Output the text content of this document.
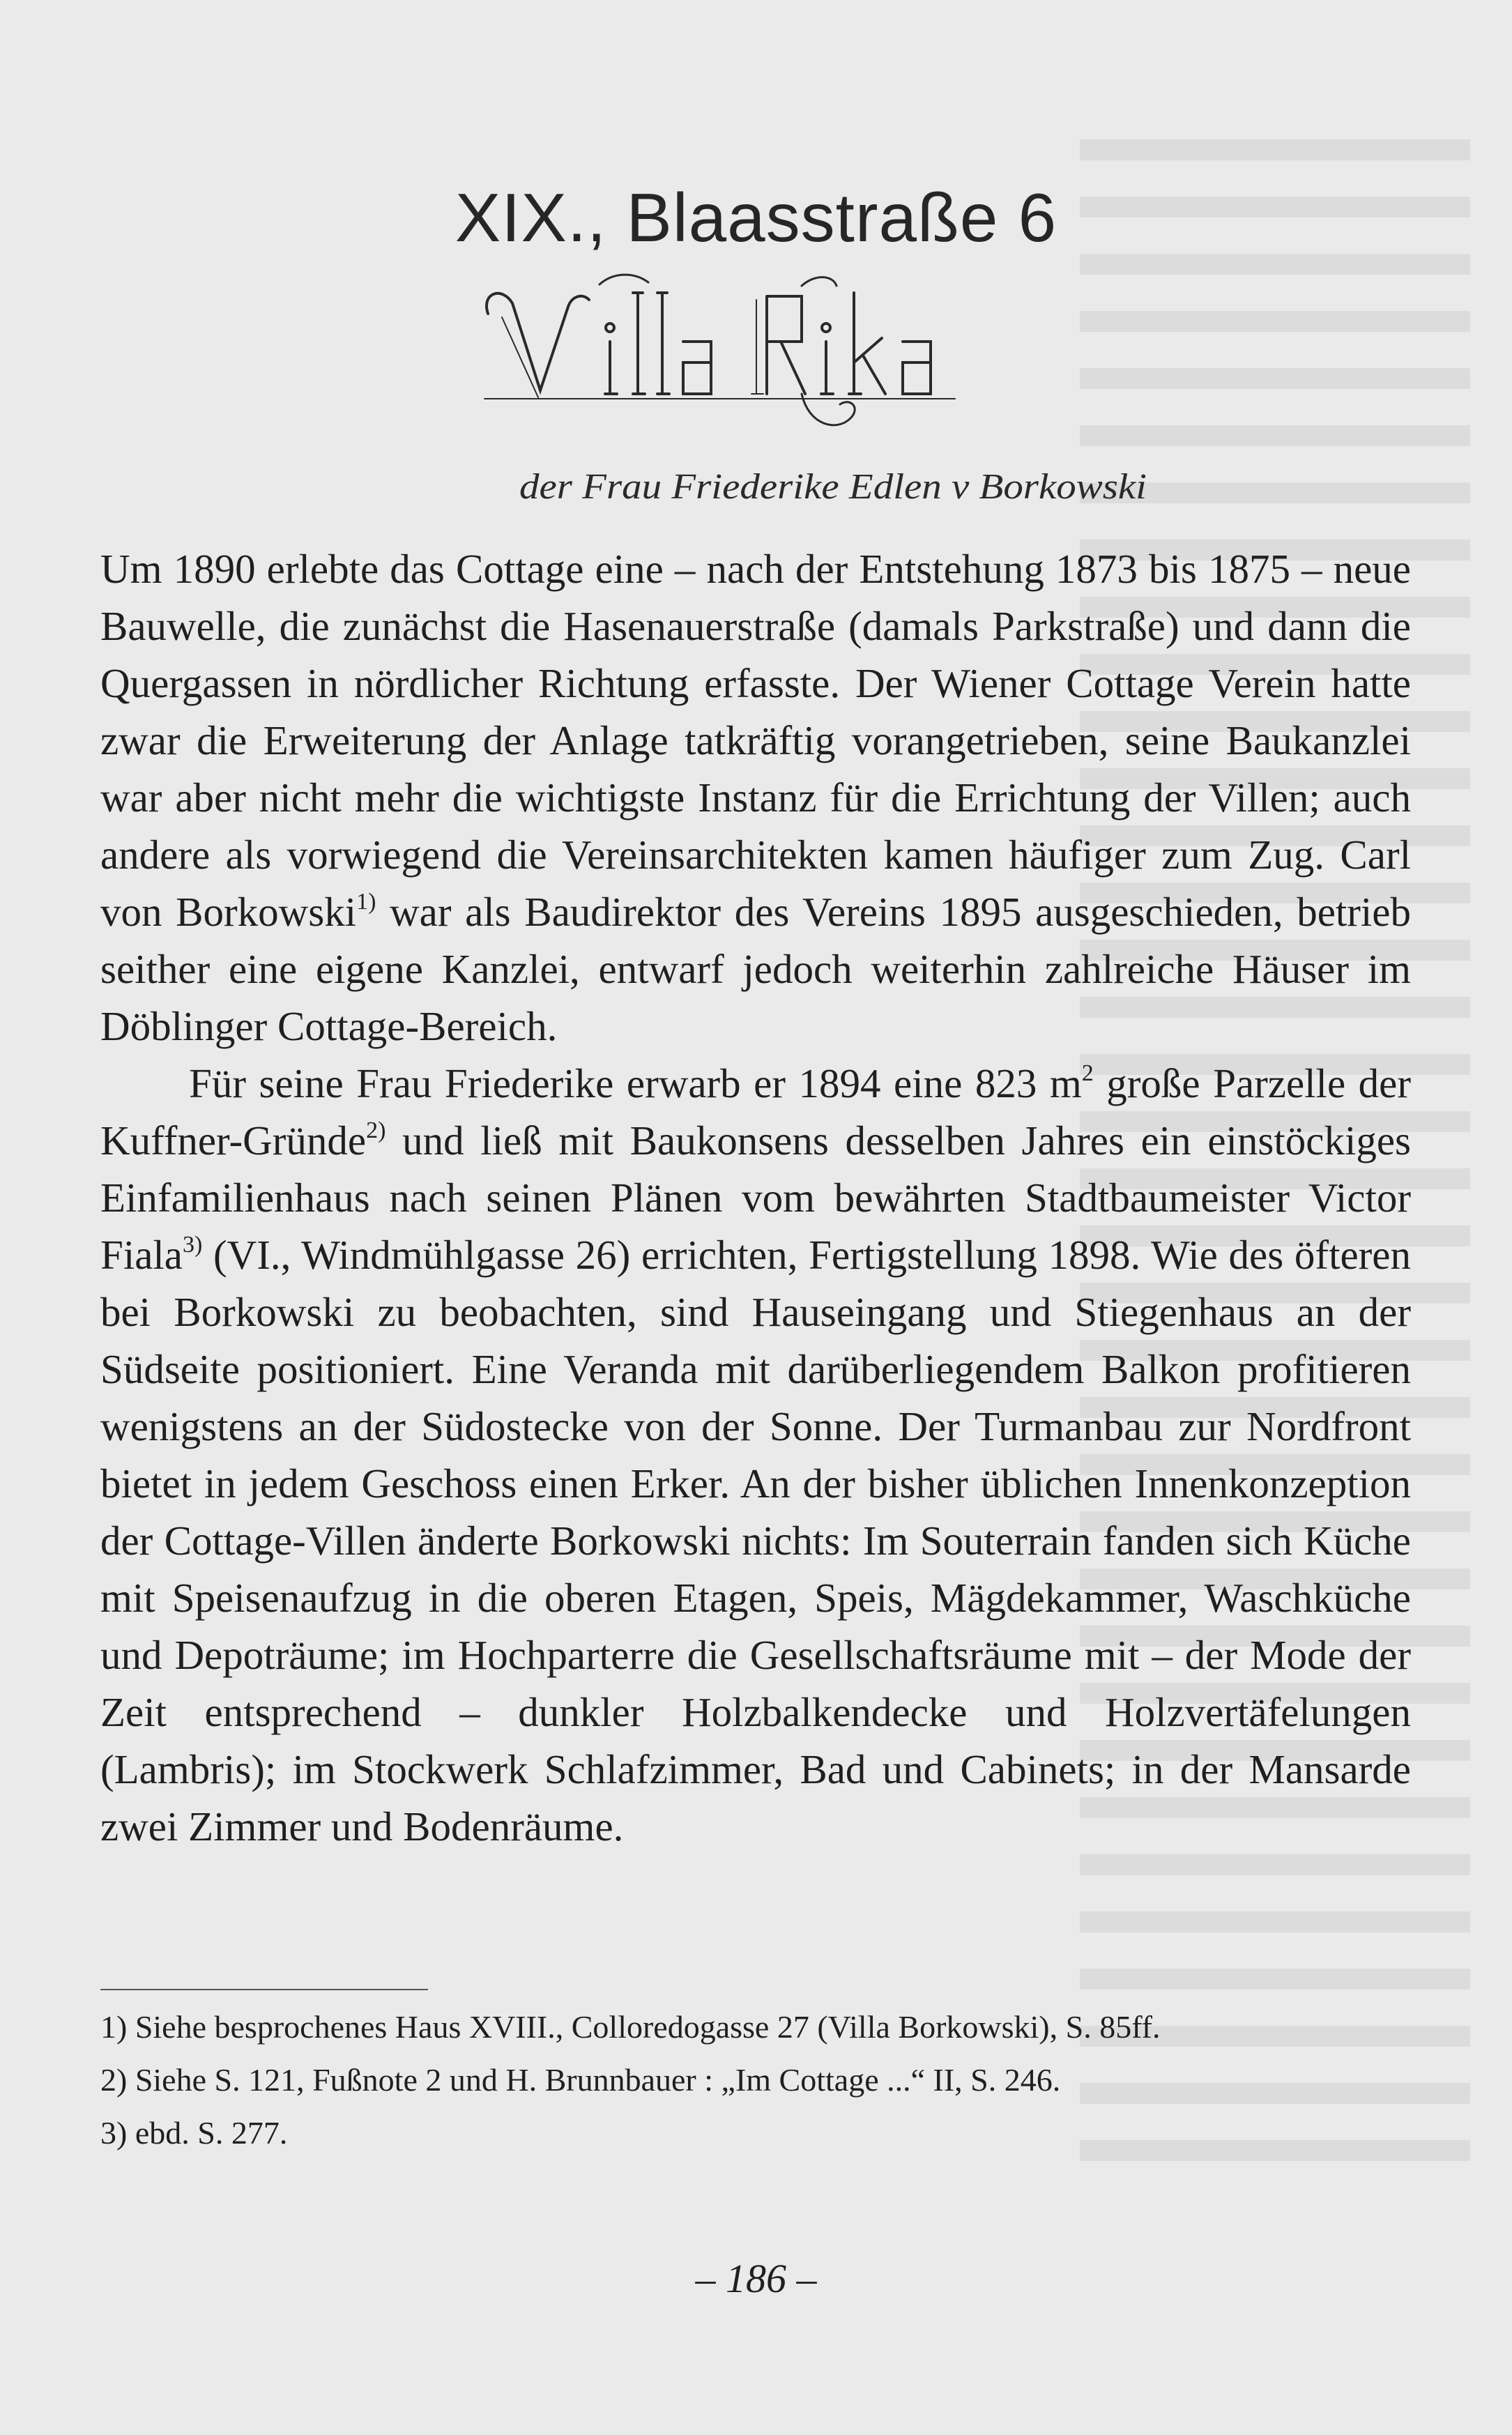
XIX., Blaasstraße 6
der Frau Friederike Edlen v Borkowski

Um 1890 erlebte das Cottage eine – nach der Entstehung 1873 bis 1875 – neue Bauwelle, die zunächst die Hasenauerstraße (damals Parkstraße) und dann die Quergassen in nördlicher Richtung erfasste. Der Wiener Cottage Verein hatte zwar die Erweiterung der Anlage tatkräftig vorangetrieben, seine Baukanzlei war aber nicht mehr die wichtigste Instanz für die Errichtung der Villen; auch andere als vorwiegend die Vereinsarchitekten kamen häufiger zum Zug. Carl von Borkowski$^{1)}$ war als Baudirektor des Vereins 1895 ausgeschieden, betrieb seither eine eigene Kanzlei, entwarf jedoch weiterhin zahlreiche Häuser im Döblinger Cottage-Bereich.

Für seine Frau Friederike erwarb er 1894 eine 823 $m^2$ große Parzelle der Kuffner-Gründe$^{2)}$ und ließ mit Baukonsens desselben Jahres ein einstöckiges Einfamilienhaus nach seinen Plänen vom bewährten Stadtbaumeister Victor Fiala$^{3)}$ (VI., Windmühlgasse 26) errichten, Fertigstellung 1898. Wie des öfteren bei Borkowski zu beobachten, sind Hauseingang und Stiegenhaus an der Südseite positioniert. Eine Veranda mit darüberliegendem Balkon profitieren wenigstens an der Südostecke von der Sonne. Der Turmanbau zur Nordfront bietet in jedem Geschoss einen Erker. An der bisher üblichen Innenkonzeption der Cottage-Villen änderte Borkowski nichts: Im Souterrain fanden sich Küche mit Speisenaufzug in die oberen Etagen, Speis, Mägdekammer, Waschküche und Depoträume; im Hochparterre die Gesellschaftsräume mit – der Mode der Zeit entsprechend – dunkler Holzbalkendecke und Holzvertäfelungen (Lambris); im Stockwerk Schlafzimmer, Bad und Cabinets; in der Mansarde zwei Zimmer und Bodenräume.

1) Siehe besprochenes Haus XVIII., Colloredogasse 27 (Villa Borkowski), S. 85ff.
2) Siehe S. 121, Fußnote 2 und H. Brunnbauer : „Im Cottage ...“ II, S. 246.
3) ebd. S. 277.
– 186 –
